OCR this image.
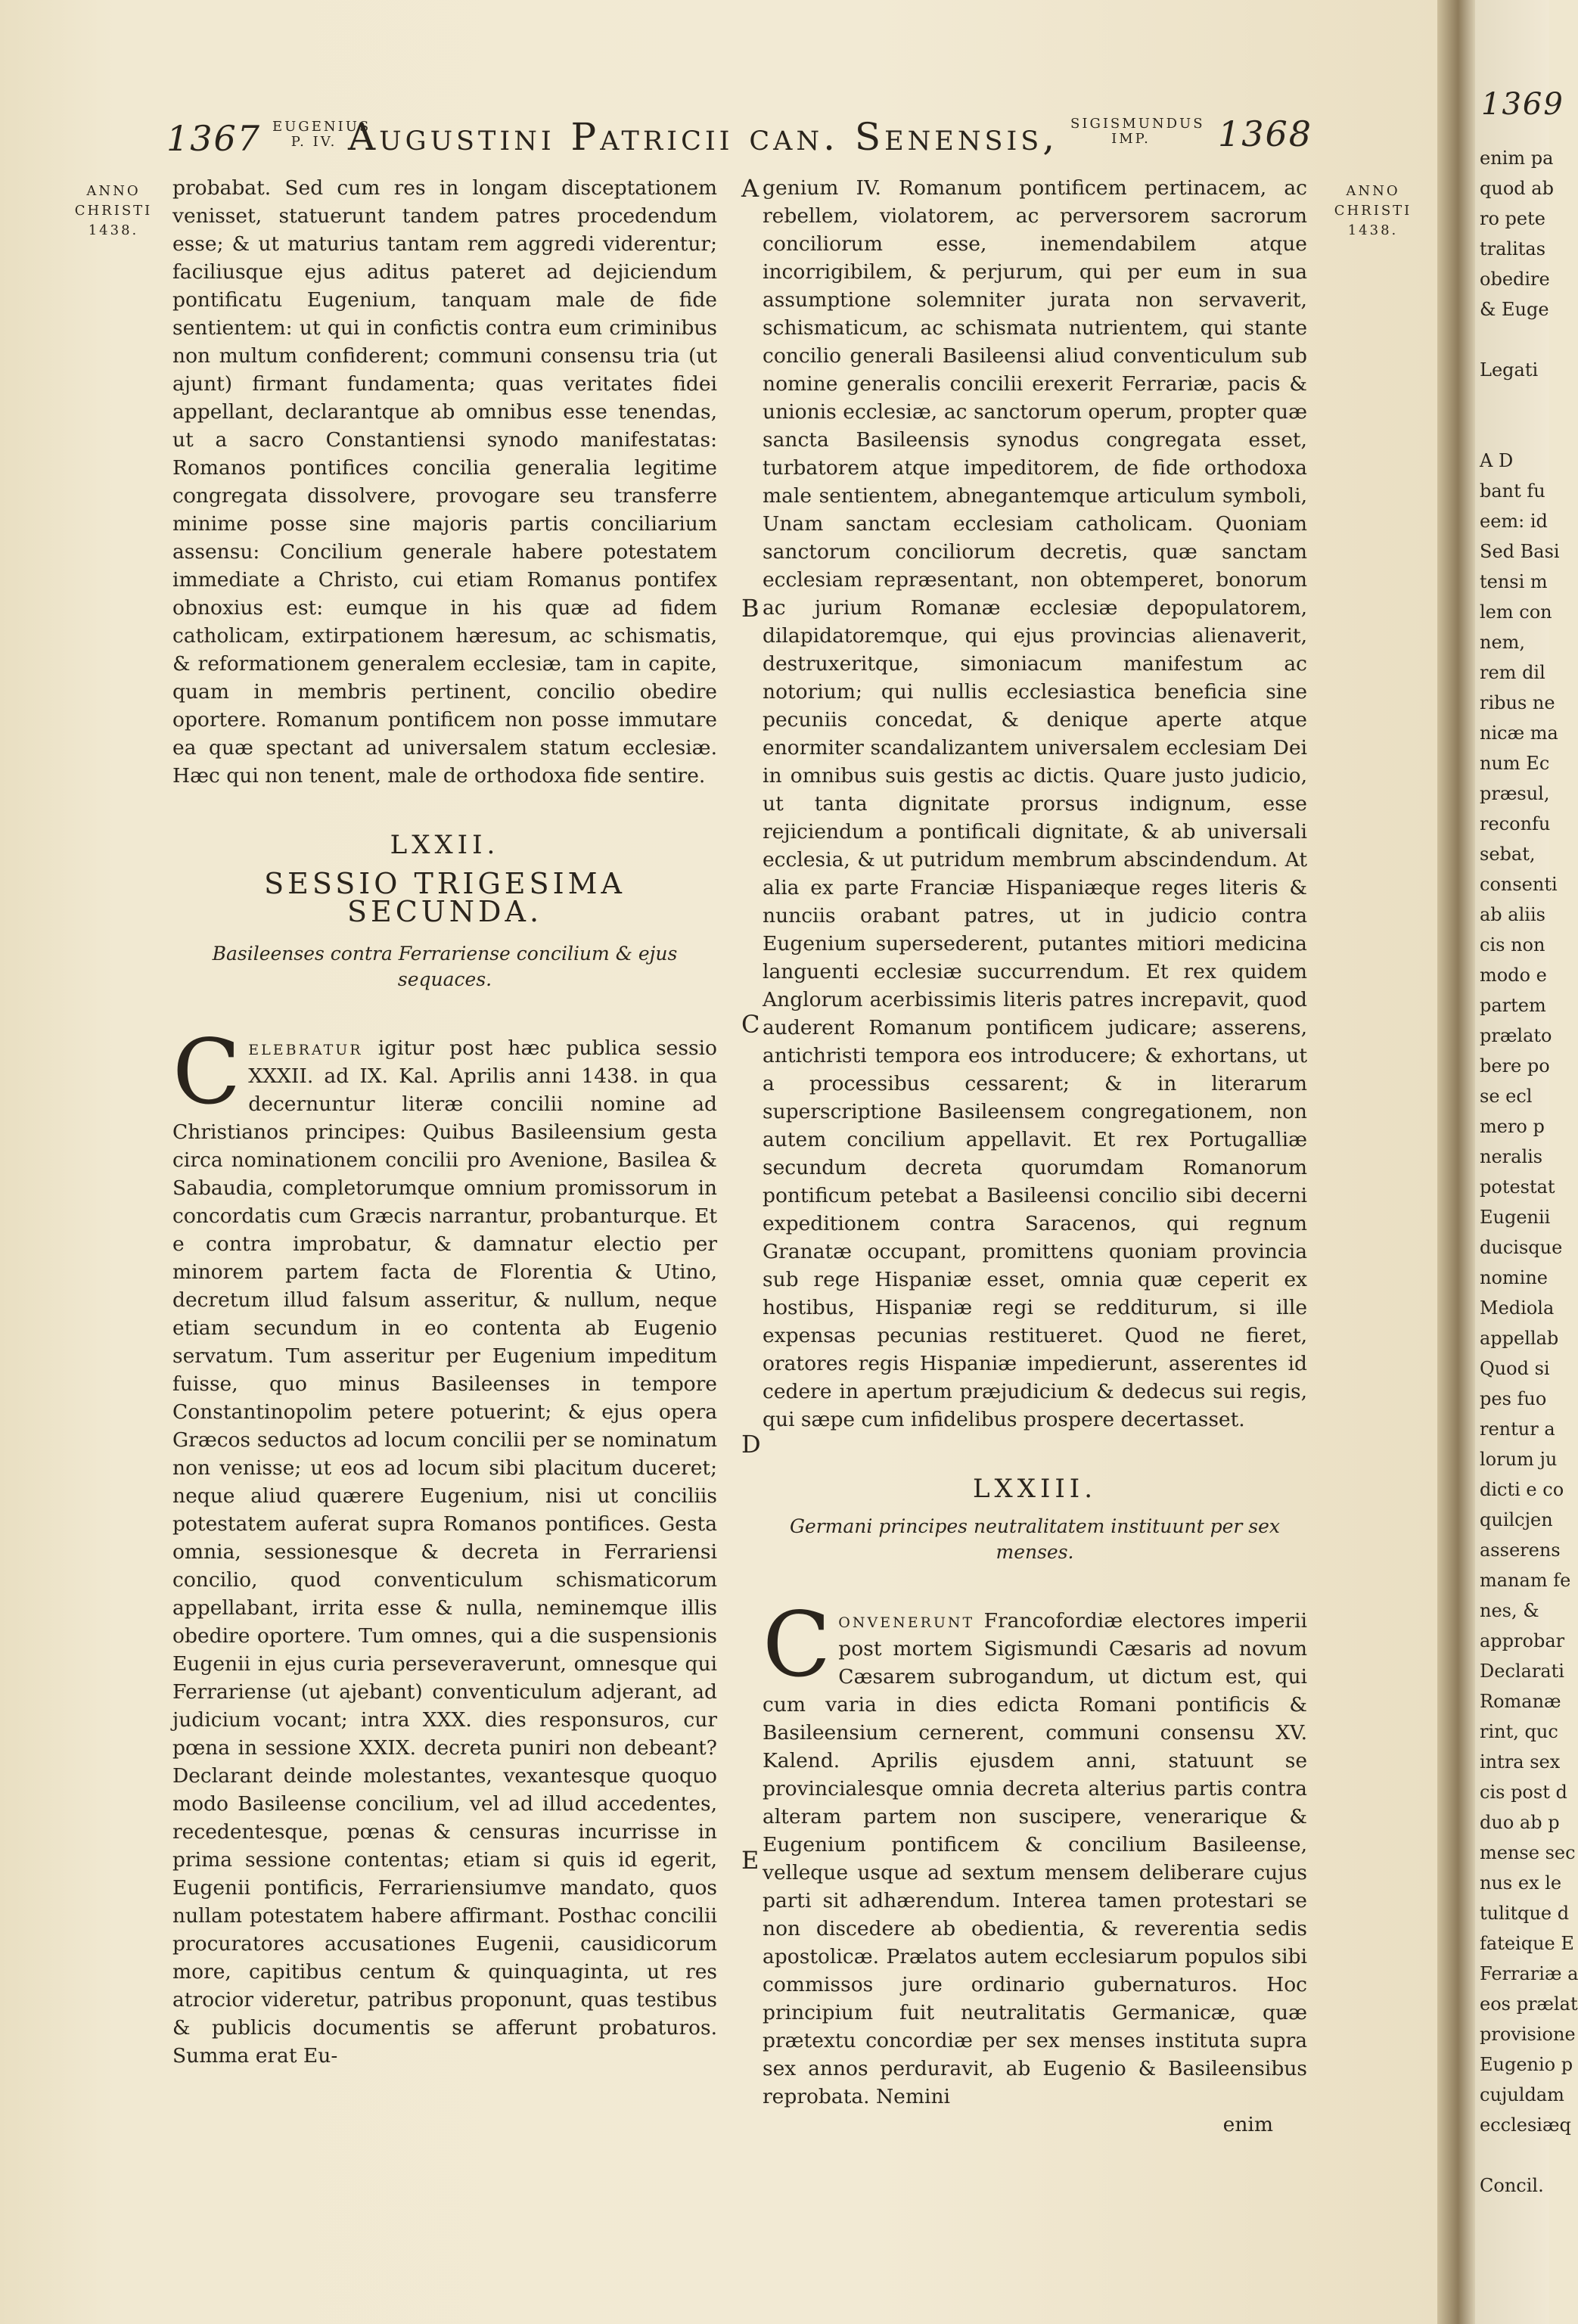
1367 EUGENIUS
P. IV. Augustini Patricii can. Senensis, SIGISMUNDUS
IMP.	1368
ANNO
CHRISTI
1438.
ANNO
CHRISTI
1438.
A
B
C
D
E

probabat. Sed cum res in longam disceptationem venisset, statuerunt tandem patres procedendum esse; & ut maturius tantam rem aggredi viderentur; faciliusque ejus aditus pateret ad dejiciendum pontificatu Eugenium, tanquam male de fide sentientem: ut qui in confictis contra eum criminibus non multum confiderent; communi consensu tria (ut ajunt) firmant fundamenta; quas veritates fidei appellant, declarantque ab omnibus esse tenendas, ut a sacro Constantiensi synodo manifestatas: Romanos pontifices concilia generalia legitime congregata dissolvere, provogare seu transferre minime posse sine majoris partis conciliarium assensu: Concilium generale habere potestatem immediate a Christo, cui etiam Romanus pontifex obnoxius est: eumque in his quæ ad fidem catholicam, extirpationem hæresum, ac schismatis, & reformationem generalem ecclesiæ, tam in capite, quam in membris pertinent, concilio obedire oportere. Romanum pontificem non posse immutare ea quæ spectant ad universalem statum ecclesiæ. Hæc qui non tenent, male de orthodoxa fide sentire.

LXXII.
SESSIO TRIGESIMA SECUNDA.
Basileenses contra Ferrariense concilium & ejus sequaces.

C elebratur igitur post hæc publica sessio XXXII. ad IX. Kal. Aprilis anni 1438. in qua decernuntur literæ concilii nomine ad Christianos principes: Quibus Basileensium gesta circa nominationem concilii pro Avenione, Basilea & Sabaudia, completorumque omnium promissorum in concordatis cum Græcis narrantur, probanturque. Et e contra improbatur, & damnatur electio per minorem partem facta de Florentia & Utino, decretum illud falsum asseritur, & nullum, neque etiam secundum in eo contenta ab Eugenio servatum. Tum asseritur per Eugenium impeditum fuisse, quo minus Basileenses in tempore Constantinopolim petere potuerint; & ejus opera Græcos seductos ad locum concilii per se nominatum non venisse; ut eos ad locum sibi placitum duceret; neque aliud quærere Eugenium, nisi ut conciliis potestatem auferat supra Romanos pontifices. Gesta omnia, sessionesque & decreta in Ferrariensi concilio, quod conventiculum schismaticorum appellabant, irrita esse & nulla, neminemque illis obedire oportere. Tum omnes, qui a die suspensionis Eugenii in ejus curia perseveraverunt, omnesque qui Ferrariense (ut ajebant) conventiculum adjerant, ad judicium vocant; intra XXX. dies responsuros, cur pœna in sessione XXIX. decreta puniri non debeant? Declarant deinde molestantes, vexantesque quoquo modo Basileense concilium, vel ad illud accedentes, recedentesque, pœnas & censuras incurrisse in prima sessione contentas; etiam si quis id egerit, Eugenii pontificis, Ferrariensiumve mandato, quos nullam potestatem habere affirmant. Posthac concilii procuratores accusationes Eugenii, causidicorum more, capitibus centum & quinquaginta, ut res atrocior videretur, patribus proponunt, quas testibus & publicis documentis se afferunt probaturos. Summa erat Eu-

genium IV. Romanum pontificem pertinacem, ac rebellem, violatorem, ac perversorem sacrorum conciliorum esse, inemendabilem atque incorrigibilem, & perjurum, qui per eum in sua assumptione solemniter jurata non servaverit, schismaticum, ac schismata nutrientem, qui stante concilio generali Basileensi aliud conventiculum sub nomine generalis concilii erexerit Ferrariæ, pacis & unionis ecclesiæ, ac sanctorum operum, propter quæ sancta Basileensis synodus congregata esset, turbatorem atque impeditorem, de fide orthodoxa male sentientem, abnegantemque articulum symboli, Unam sanctam ecclesiam catholicam. Quoniam sanctorum conciliorum decretis, quæ sanctam ecclesiam repræsentant, non obtemperet, bonorum ac jurium Romanæ ecclesiæ depopulatorem, dilapidatoremque, qui ejus provincias alienaverit, destruxeritque, simoniacum manifestum ac notorium; qui nullis ecclesiastica beneficia sine pecuniis concedat, & denique aperte atque enormiter scandalizantem universalem ecclesiam Dei in omnibus suis gestis ac dictis. Quare justo judicio, ut tanta dignitate prorsus indignum, esse rejiciendum a pontificali dignitate, & ab universali ecclesia, & ut putridum membrum abscindendum. At alia ex parte Franciæ Hispaniæque reges literis & nunciis orabant patres, ut in judicio contra Eugenium supersederent, putantes mitiori medicina languenti ecclesiæ succurrendum. Et rex quidem Anglorum acerbissimis literis patres increpavit, quod auderent Romanum pontificem judicare; asserens, antichristi tempora eos introducere; & exhortans, ut a processibus cessarent; & in literarum superscriptione Basileensem congregationem, non autem concilium appellavit. Et rex Portugalliæ secundum decreta quorumdam Romanorum pontificum petebat a Basileensi concilio sibi decerni expeditionem contra Saracenos, qui regnum Granatæ occupant, promittens quoniam provincia sub rege Hispaniæ esset, omnia quæ ceperit ex hostibus, Hispaniæ regi se redditurum, si ille expensas pecunias restitueret. Quod ne fieret, oratores regis Hispaniæ impedierunt, asserentes id cedere in apertum præjudicium & dedecus sui regis, qui sæpe cum infidelibus prospere decertasset.

LXXIII.
Germani principes neutralitatem instituunt per sex menses.

C onvenerunt Francofordiæ electores imperii post mortem Sigismundi Cæsaris ad novum Cæsarem subrogandum, ut dictum est, qui cum varia in dies edicta Romani pontificis & Basileensium cernerent, communi consensu XV. Kalend. Aprilis ejusdem anni, statuunt se provincialesque omnia decreta alterius partis contra alteram partem non suscipere, venerarique & Eugenium pontificem & concilium Basileense, velleque usque ad sextum mensem deliberare cujus parti sit adhærendum. Interea tamen protestari se non discedere ab obedientia, & reverentia sedis apostolicæ. Prælatos autem ecclesiarum populos sibi commissos jure ordinario gubernaturos. Hoc principium fuit neutralitatis Germanicæ, quæ prætextu concordiæ per sex menses instituta supra sex annos perduravit, ab Eugenio & Basileensibus reprobata. Nemini

enim
1369
enim pa
quod ab
ro pete
tralitas
obedire
& Euge
Legati
A D
bant fu
eem: id
Sed Basi
tensi m
lem con
nem,
rem dil
ribus ne
nicæ ma
num Ec
præsul,
reconfu
sebat,
consenti
ab aliis
cis non
modo e
partem
prælato
bere po
se ecl
mero p
neralis
potestat
Eugenii
ducisque
nomine
Mediola
appellab
Quod si
pes fuo
rentur a
lorum ju
dicti e co
quilcjen
asserens
manam fe
nes, &
approbar
Declarati
Romanæ
rint, quc
intra sex
cis post d
duo ab p
mense sec
nus ex le
tulitque d
fateique E
Ferrariæ a
eos prælat
provisione
Eugenio p
cujuldam
ecclesiæq
Concil.
